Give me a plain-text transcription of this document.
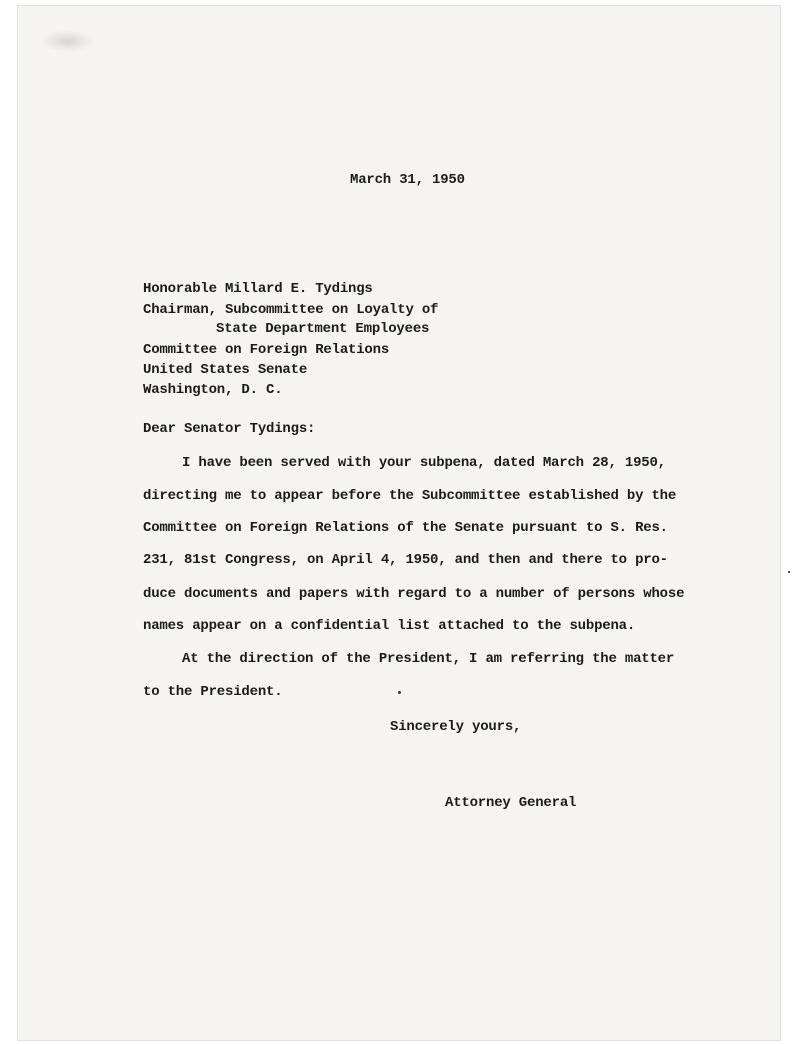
March 31, 1950
Honorable Millard E. Tydings
Chairman, Subcommittee on Loyalty of
State Department Employees
Committee on Foreign Relations
United States Senate
Washington, D. C.
Dear Senator Tydings:
I have been served with your subpena, dated March 28, 1950,
directing me to appear before the Subcommittee established by the
Committee on Foreign Relations of the Senate pursuant to S. Res.
231, 81st Congress, on April 4, 1950, and then and there to pro-
duce documents and papers with regard to a number of persons whose
names appear on a confidential list attached to the subpena.
At the direction of the President, I am referring the matter
to the President.
Sincerely yours,
Attorney General
